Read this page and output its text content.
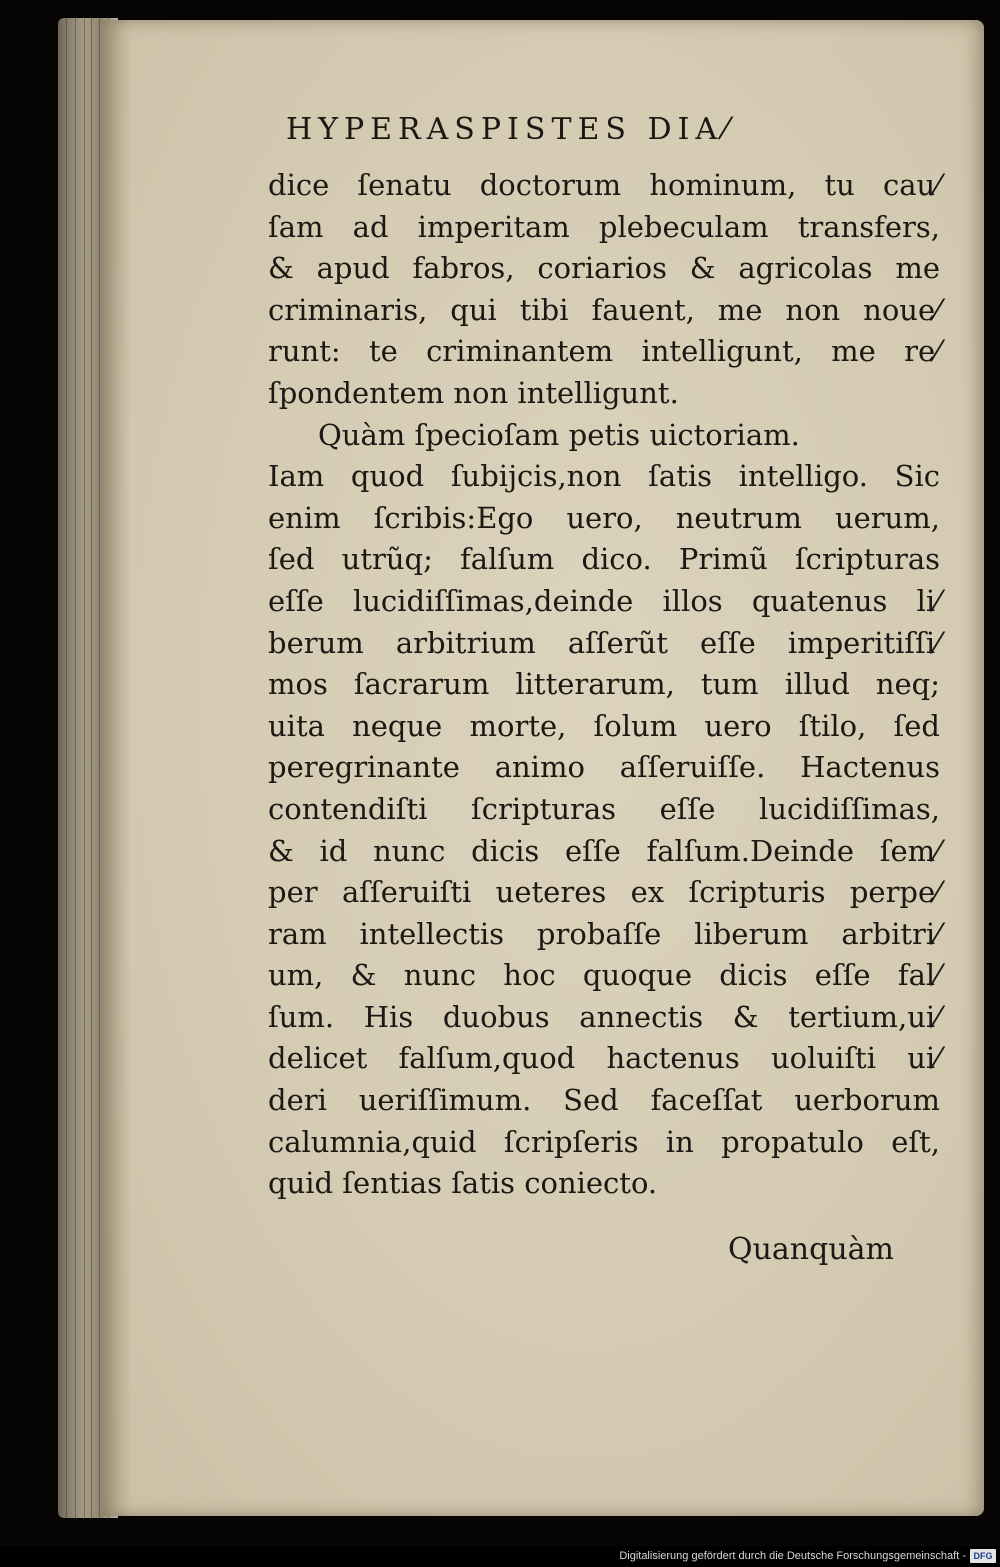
HYPERASPISTES DIA⁄
dice ſenatu doctorum hominum, tu cau⁄
ſam ad imperitam plebeculam transfers,
& apud fabros, coriarios & agricolas me
criminaris, qui tibi fauent, me non noue⁄
runt: te criminantem intelligunt, me re⁄
ſpondentem non intelligunt.
Quàm ſpecioſam petis uictoriam.
Iam quod ſubijcis,non ſatis intelligo. Sic
enim ſcribis:Ego uero, neutrum uerum,
ſed utrũq; falſum dico. Primũ ſcripturas
eſſe lucidiſſimas,deinde illos quatenus li⁄
berum arbitrium aſſerũt eſſe imperitiſſi⁄
mos ſacrarum litterarum, tum illud neq;
uita neque morte, ſolum uero ſtilo, ſed
peregrinante animo aſſeruiſſe. Hactenus
contendiſti ſcripturas eſſe lucidiſſimas,
& id nunc dicis eſſe falſum.Deinde ſem⁄
per aſſeruiſti ueteres ex ſcripturis perpe⁄
ram intellectis probaſſe liberum arbitri⁄
um, & nunc hoc quoque dicis eſſe fal⁄
ſum. His duobus annectis & tertium,ui⁄
delicet falſum,quod hactenus uoluiſti ui⁄
deri ueriſſimum. Sed faceſſat uerborum
calumnia,quid ſcripſeris in propatulo eſt,
quid ſentias ſatis coniecto.
Quanquàm
Digitalisierung gefördert durch die Deutsche Forschungsgemeinschaft - DFG
